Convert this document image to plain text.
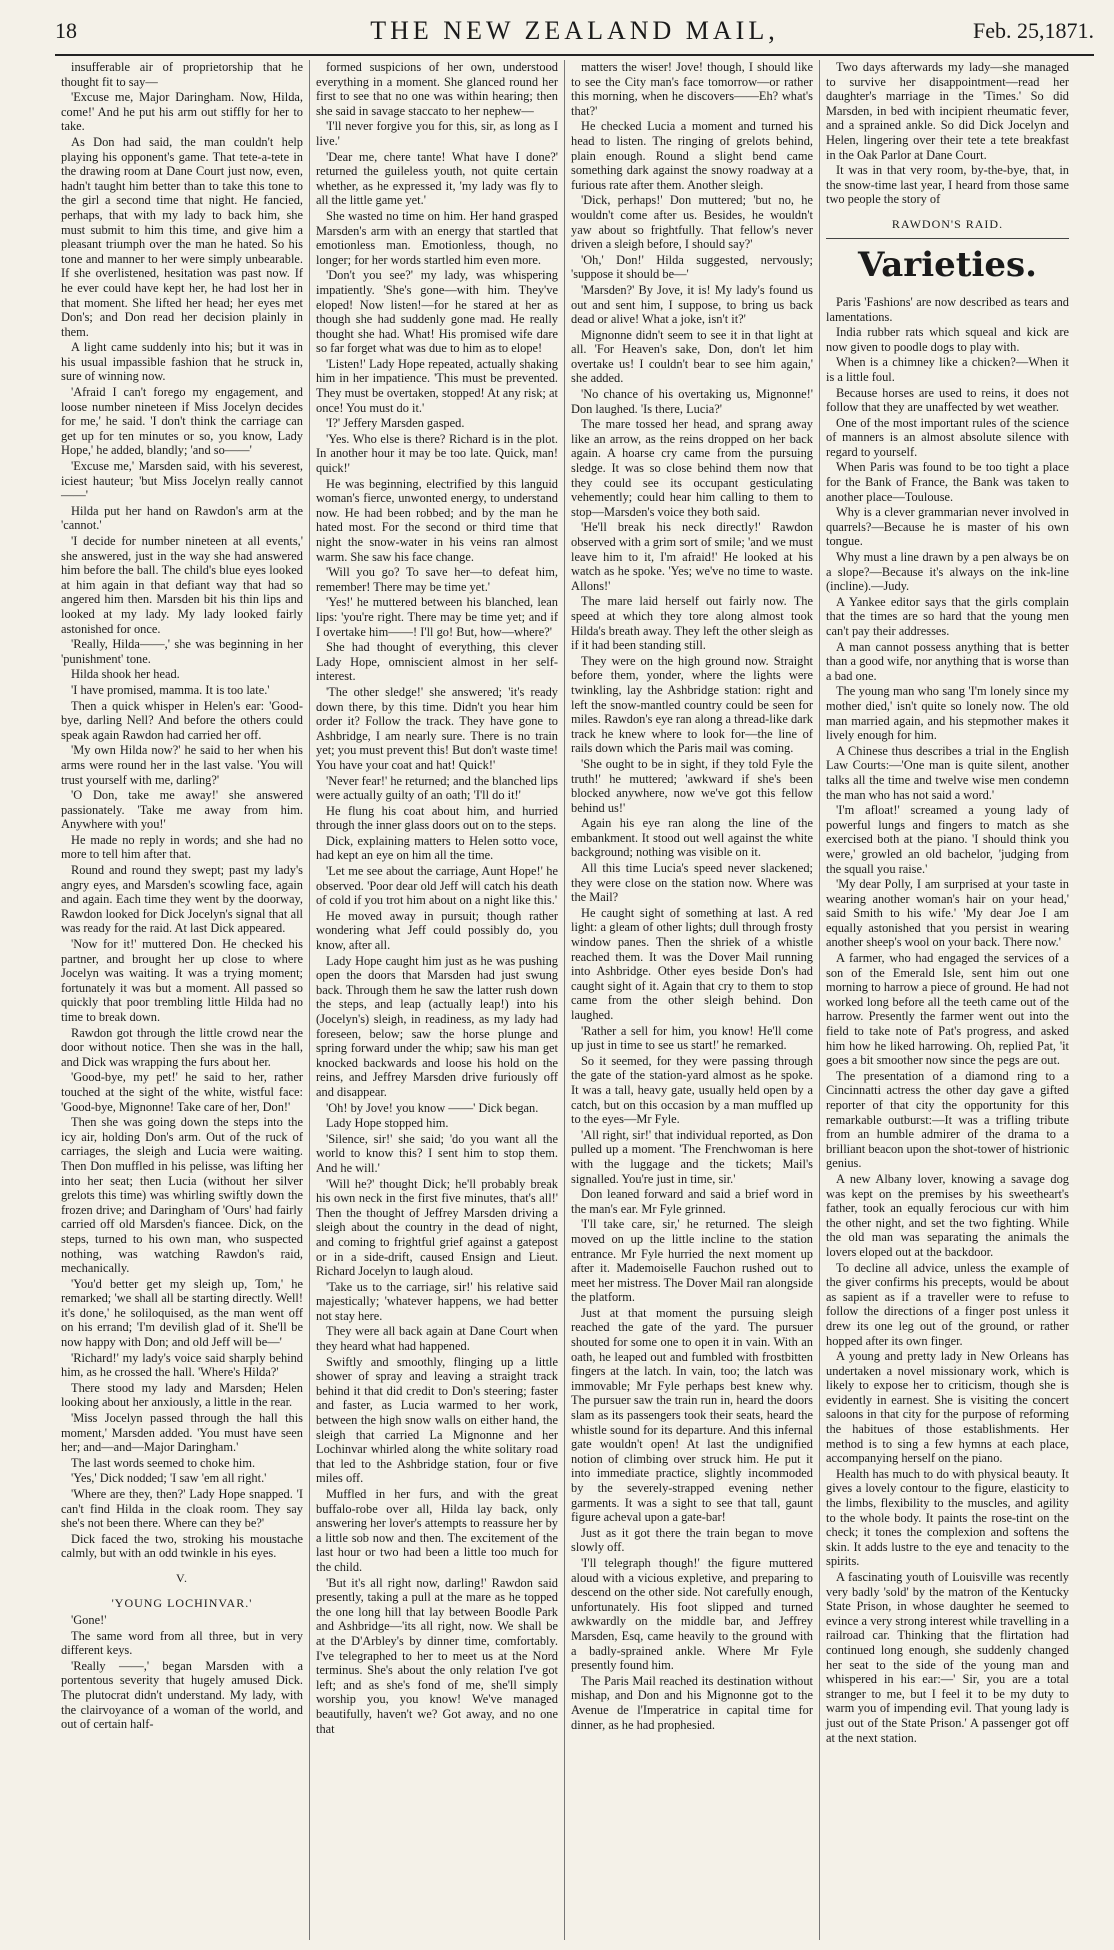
18	THE NEW ZEALAND MAIL,	Feb. 25,1871.

insufferable air of proprietorship that he thought fit to say—

'Excuse me, Major Daringham. Now, Hilda, come!' And he put his arm out stiffly for her to take.

As Don had said, the man couldn't help playing his opponent's game. That tete-a-tete in the drawing room at Dane Court just now, even, hadn't taught him better than to take this tone to the girl a second time that night. He fancied, perhaps, that with my lady to back him, she must submit to him this time, and give him a pleasant triumph over the man he hated. So his tone and manner to her were simply unbearable. If she overlistened, hesitation was past now. If he ever could have kept her, he had lost her in that moment. She lifted her head; her eyes met Don's; and Don read her decision plainly in them.

A light came suddenly into his; but it was in his usual impassible fashion that he struck in, sure of winning now.

'Afraid I can't forego my engagement, and loose number nineteen if Miss Jocelyn decides for me,' he said. 'I don't think the carriage can get up for ten minutes or so, you know, Lady Hope,' he added, blandly; 'and so——'

'Excuse me,' Marsden said, with his severest, iciest hauteur; 'but Miss Jocelyn really cannot——'

Hilda put her hand on Rawdon's arm at the 'cannot.'

'I decide for number nineteen at all events,' she answered, just in the way she had answered him before the ball. The child's blue eyes looked at him again in that defiant way that had so angered him then. Marsden bit his thin lips and looked at my lady. My lady looked fairly astonished for once.

'Really, Hilda——,' she was beginning in her 'punishment' tone.

Hilda shook her head.

'I have promised, mamma. It is too late.'

Then a quick whisper in Helen's ear: 'Good-bye, darling Nell? And before the others could speak again Rawdon had carried her off.

'My own Hilda now?' he said to her when his arms were round her in the last valse. 'You will trust yourself with me, darling?'

'O Don, take me away!' she answered passionately. 'Take me away from him. Anywhere with you!'

He made no reply in words; and she had no more to tell him after that.

Round and round they swept; past my lady's angry eyes, and Marsden's scowling face, again and again. Each time they went by the doorway, Rawdon looked for Dick Jocelyn's signal that all was ready for the raid. At last Dick appeared.

'Now for it!' muttered Don. He checked his partner, and brought her up close to where Jocelyn was waiting. It was a trying moment; fortunately it was but a moment. All passed so quickly that poor trembling little Hilda had no time to break down.

Rawdon got through the little crowd near the door without notice. Then she was in the hall, and Dick was wrapping the furs about her.

'Good-bye, my pet!' he said to her, rather touched at the sight of the white, wistful face: 'Good-bye, Mignonne! Take care of her, Don!'

Then she was going down the steps into the icy air, holding Don's arm. Out of the ruck of carriages, the sleigh and Lucia were waiting. Then Don muffled in his pelisse, was lifting her into her seat; then Lucia (without her silver grelots this time) was whirling swiftly down the frozen drive; and Daringham of 'Ours' had fairly carried off old Marsden's fiancee. Dick, on the steps, turned to his own man, who suspected nothing, was watching Rawdon's raid, mechanically.

'You'd better get my sleigh up, Tom,' he remarked; 'we shall all be starting directly. Well! it's done,' he soliloquised, as the man went off on his errand; 'I'm devilish glad of it. She'll be now happy with Don; and old Jeff will be—'

'Richard!' my lady's voice said sharply behind him, as he crossed the hall. 'Where's Hilda?'

There stood my lady and Marsden; Helen looking about her anxiously, a little in the rear.

'Miss Jocelyn passed through the hall this moment,' Marsden added. 'You must have seen her; and—and—Major Daringham.'

The last words seemed to choke him.

'Yes,' Dick nodded; 'I saw 'em all right.'

'Where are they, then?' Lady Hope snapped. 'I can't find Hilda in the cloak room. They say she's not been there. Where can they be?'

Dick faced the two, stroking his moustache calmly, but with an odd twinkle in his eyes.

V.
'YOUNG LOCHINVAR.'

'Gone!'

The same word from all three, but in very different keys.

'Really ——,' began Marsden with a portentous severity that hugely amused Dick. The plutocrat didn't understand. My lady, with the clairvoyance of a woman of the world, and out of certain half-

formed suspicions of her own, understood everything in a moment. She glanced round her first to see that no one was within hearing; then she said in savage staccato to her nephew—

'I'll never forgive you for this, sir, as long as I live.'

'Dear me, chere tante! What have I done?' returned the guileless youth, not quite certain whether, as he expressed it, 'my lady was fly to all the little game yet.'

She wasted no time on him. Her hand grasped Marsden's arm with an energy that startled that emotionless man. Emotionless, though, no longer; for her words startled him even more.

'Don't you see?' my lady, was whispering impatiently. 'She's gone—with him. They've eloped! Now listen!—for he stared at her as though she had suddenly gone mad. He really thought she had. What! His promised wife dare so far forget what was due to him as to elope!

'Listen!' Lady Hope repeated, actually shaking him in her impatience. 'This must be prevented. They must be overtaken, stopped! At any risk; at once! You must do it.'

'I?' Jeffery Marsden gasped.

'Yes. Who else is there? Richard is in the plot. In another hour it may be too late. Quick, man! quick!'

He was beginning, electrified by this languid woman's fierce, unwonted energy, to understand now. He had been robbed; and by the man he hated most. For the second or third time that night the snow-water in his veins ran almost warm. She saw his face change.

'Will you go? To save her—to defeat him, remember! There may be time yet.'

'Yes!' he muttered between his blanched, lean lips: 'you're right. There may be time yet; and if I overtake him——! I'll go! But, how—where?'

She had thought of everything, this clever Lady Hope, omniscient almost in her self-interest.

'The other sledge!' she answered; 'it's ready down there, by this time. Didn't you hear him order it? Follow the track. They have gone to Ashbridge, I am nearly sure. There is no train yet; you must prevent this! But don't waste time! You have your coat and hat! Quick!'

'Never fear!' he returned; and the blanched lips were actually guilty of an oath; 'I'll do it!'

He flung his coat about him, and hurried through the inner glass doors out on to the steps.

Dick, explaining matters to Helen sotto voce, had kept an eye on him all the time.

'Let me see about the carriage, Aunt Hope!' he observed. 'Poor dear old Jeff will catch his death of cold if you trot him about on a night like this.'

He moved away in pursuit; though rather wondering what Jeff could possibly do, you know, after all.

Lady Hope caught him just as he was pushing open the doors that Marsden had just swung back. Through them he saw the latter rush down the steps, and leap (actually leap!) into his (Jocelyn's) sleigh, in readiness, as my lady had foreseen, below; saw the horse plunge and spring forward under the whip; saw his man get knocked backwards and loose his hold on the reins, and Jeffrey Marsden drive furiously off and disappear.

'Oh! by Jove! you know ——' Dick began.

Lady Hope stopped him.

'Silence, sir!' she said; 'do you want all the world to know this? I sent him to stop them. And he will.'

'Will he?' thought Dick; he'll probably break his own neck in the first five minutes, that's all!' Then the thought of Jeffrey Marsden driving a sleigh about the country in the dead of night, and coming to frightful grief against a gatepost or in a side-drift, caused Ensign and Lieut. Richard Jocelyn to laugh aloud.

'Take us to the carriage, sir!' his relative said majestically; 'whatever happens, we had better not stay here.

They were all back again at Dane Court when they heard what had happened.

Swiftly and smoothly, flinging up a little shower of spray and leaving a straight track behind it that did credit to Don's steering; faster and faster, as Lucia warmed to her work, between the high snow walls on either hand, the sleigh that carried La Mignonne and her Lochinvar whirled along the white solitary road that led to the Ashbridge station, four or five miles off.

Muffled in her furs, and with the great buffalo-robe over all, Hilda lay back, only answering her lover's attempts to reassure her by a little sob now and then. The excitement of the last hour or two had been a little too much for the child.

'But it's all right now, darling!' Rawdon said presently, taking a pull at the mare as he topped the one long hill that lay between Boodle Park and Ashbridge—'its all right, now. We shall be at the D'Arbley's by dinner time, comfortably. I've telegraphed to her to meet us at the Nord terminus. She's about the only relation I've got left; and as she's fond of me, she'll simply worship you, you know! We've managed beautifully, haven't we? Got away, and no one that

matters the wiser! Jove! though, I should like to see the City man's face tomorrow—or rather this morning, when he discovers——Eh? what's that?'

He checked Lucia a moment and turned his head to listen. The ringing of grelots behind, plain enough. Round a slight bend came something dark against the snowy roadway at a furious rate after them. Another sleigh.

'Dick, perhaps!' Don muttered; 'but no, he wouldn't come after us. Besides, he wouldn't yaw about so frightfully. That fellow's never driven a sleigh before, I should say?'

'Oh,' Don!' Hilda suggested, nervously; 'suppose it should be—'

'Marsden?' By Jove, it is! My lady's found us out and sent him, I suppose, to bring us back dead or alive! What a joke, isn't it?'

Mignonne didn't seem to see it in that light at all. 'For Heaven's sake, Don, don't let him overtake us! I couldn't bear to see him again,' she added.

'No chance of his overtaking us, Mignonne!' Don laughed. 'Is there, Lucia?'

The mare tossed her head, and sprang away like an arrow, as the reins dropped on her back again. A hoarse cry came from the pursuing sledge. It was so close behind them now that they could see its occupant gesticulating vehemently; could hear him calling to them to stop—Marsden's voice they both said.

'He'll break his neck directly!' Rawdon observed with a grim sort of smile; 'and we must leave him to it, I'm afraid!' He looked at his watch as he spoke. 'Yes; we've no time to waste. Allons!'

The mare laid herself out fairly now. The speed at which they tore along almost took Hilda's breath away. They left the other sleigh as if it had been standing still.

They were on the high ground now. Straight before them, yonder, where the lights were twinkling, lay the Ashbridge station: right and left the snow-mantled country could be seen for miles. Rawdon's eye ran along a thread-like dark track he knew where to look for—the line of rails down which the Paris mail was coming.

'She ought to be in sight, if they told Fyle the truth!' he muttered; 'awkward if she's been blocked anywhere, now we've got this fellow behind us!'

Again his eye ran along the line of the embankment. It stood out well against the white background; nothing was visible on it.

All this time Lucia's speed never slackened; they were close on the station now. Where was the Mail?

He caught sight of something at last. A red light: a gleam of other lights; dull through frosty window panes. Then the shriek of a whistle reached them. It was the Dover Mail running into Ashbridge. Other eyes beside Don's had caught sight of it. Again that cry to them to stop came from the other sleigh behind. Don laughed.

'Rather a sell for him, you know! He'll come up just in time to see us start!' he remarked.

So it seemed, for they were passing through the gate of the station-yard almost as he spoke. It was a tall, heavy gate, usually held open by a catch, but on this occasion by a man muffled up to the eyes—Mr Fyle.

'All right, sir!' that individual reported, as Don pulled up a moment. 'The Frenchwoman is here with the luggage and the tickets; Mail's signalled. You're just in time, sir.'

Don leaned forward and said a brief word in the man's ear. Mr Fyle grinned.

'I'll take care, sir,' he returned. The sleigh moved on up the little incline to the station entrance. Mr Fyle hurried the next moment up after it. Mademoiselle Fauchon rushed out to meet her mistress. The Dover Mail ran alongside the platform.

Just at that moment the pursuing sleigh reached the gate of the yard. The pursuer shouted for some one to open it in vain. With an oath, he leaped out and fumbled with frostbitten fingers at the latch. In vain, too; the latch was immovable; Mr Fyle perhaps best knew why. The pursuer saw the train run in, heard the doors slam as its passengers took their seats, heard the whistle sound for its departure. And this infernal gate wouldn't open! At last the undignified notion of climbing over struck him. He put it into immediate practice, slightly incommoded by the severely-strapped evening nether garments. It was a sight to see that tall, gaunt figure acheval upon a gate-bar!

Just as it got there the train began to move slowly off.

'I'll telegraph though!' the figure muttered aloud with a vicious expletive, and preparing to descend on the other side. Not carefully enough, unfortunately. His foot slipped and turned awkwardly on the middle bar, and Jeffrey Marsden, Esq, came heavily to the ground with a badly-sprained ankle. Where Mr Fyle presently found him.

The Paris Mail reached its destination without mishap, and Don and his Mignonne got to the Avenue de l'Imperatrice in capital time for dinner, as he had prophesied.

Two days afterwards my lady—she managed to survive her disappointment—read her daughter's marriage in the 'Times.' So did Marsden, in bed with incipient rheumatic fever, and a sprained ankle. So did Dick Jocelyn and Helen, lingering over their tete a tete breakfast in the Oak Parlor at Dane Court.

It was in that very room, by-the-bye, that, in the snow-time last year, I heard from those same two people the story of

RAWDON'S RAID.
Varieties.

Paris 'Fashions' are now described as tears and lamentations.

India rubber rats which squeal and kick are now given to poodle dogs to play with.

When is a chimney like a chicken?—When it is a little foul.

Because horses are used to reins, it does not follow that they are unaffected by wet weather.

One of the most important rules of the science of manners is an almost absolute silence with regard to yourself.

When Paris was found to be too tight a place for the Bank of France, the Bank was taken to another place—Toulouse.

Why is a clever grammarian never involved in quarrels?—Because he is master of his own tongue.

Why must a line drawn by a pen always be on a slope?—Because it's always on the ink-line (incline).—Judy.

A Yankee editor says that the girls complain that the times are so hard that the young men can't pay their addresses.

A man cannot possess anything that is better than a good wife, nor anything that is worse than a bad one.

The young man who sang 'I'm lonely since my mother died,' isn't quite so lonely now. The old man married again, and his stepmother makes it lively enough for him.

A Chinese thus describes a trial in the English Law Courts:—'One man is quite silent, another talks all the time and twelve wise men condemn the man who has not said a word.'

'I'm afloat!' screamed a young lady of powerful lungs and fingers to match as she exercised both at the piano. 'I should think you were,' growled an old bachelor, 'judging from the squall you raise.'

'My dear Polly, I am surprised at your taste in wearing another woman's hair on your head,' said Smith to his wife.' 'My dear Joe I am equally astonished that you persist in wearing another sheep's wool on your back. There now.'

A farmer, who had engaged the services of a son of the Emerald Isle, sent him out one morning to harrow a piece of ground. He had not worked long before all the teeth came out of the harrow. Presently the farmer went out into the field to take note of Pat's progress, and asked him how he liked harrowing. Oh, replied Pat, 'it goes a bit smoother now since the pegs are out.

The presentation of a diamond ring to a Cincinnatti actress the other day gave a gifted reporter of that city the opportunity for this remarkable outburst:—It was a trifling tribute from an humble admirer of the drama to a brilliant beacon upon the shot-tower of histrionic genius.

A new Albany lover, knowing a savage dog was kept on the premises by his sweetheart's father, took an equally ferocious cur with him the other night, and set the two fighting. While the old man was separating the animals the lovers eloped out at the backdoor.

To decline all advice, unless the example of the giver confirms his precepts, would be about as sapient as if a traveller were to refuse to follow the directions of a finger post unless it drew its one leg out of the ground, or rather hopped after its own finger.

A young and pretty lady in New Orleans has undertaken a novel missionary work, which is likely to expose her to criticism, though she is evidently in earnest. She is visiting the concert saloons in that city for the purpose of reforming the habitues of those establishments. Her method is to sing a few hymns at each place, accompanying herself on the piano.

Health has much to do with physical beauty. It gives a lovely contour to the figure, elasticity to the limbs, flexibility to the muscles, and agility to the whole body. It paints the rose-tint on the check; it tones the complexion and softens the skin. It adds lustre to the eye and tenacity to the spirits.

A fascinating youth of Louisville was recently very badly 'sold' by the matron of the Kentucky State Prison, in whose daughter he seemed to evince a very strong interest while travelling in a railroad car. Thinking that the flirtation had continued long enough, she suddenly changed her seat to the side of the young man and whispered in his ear:—' Sir, you are a total stranger to me, but I feel it to be my duty to warm you of impending evil. That young lady is just out of the State Prison.' A passenger got off at the next station.
